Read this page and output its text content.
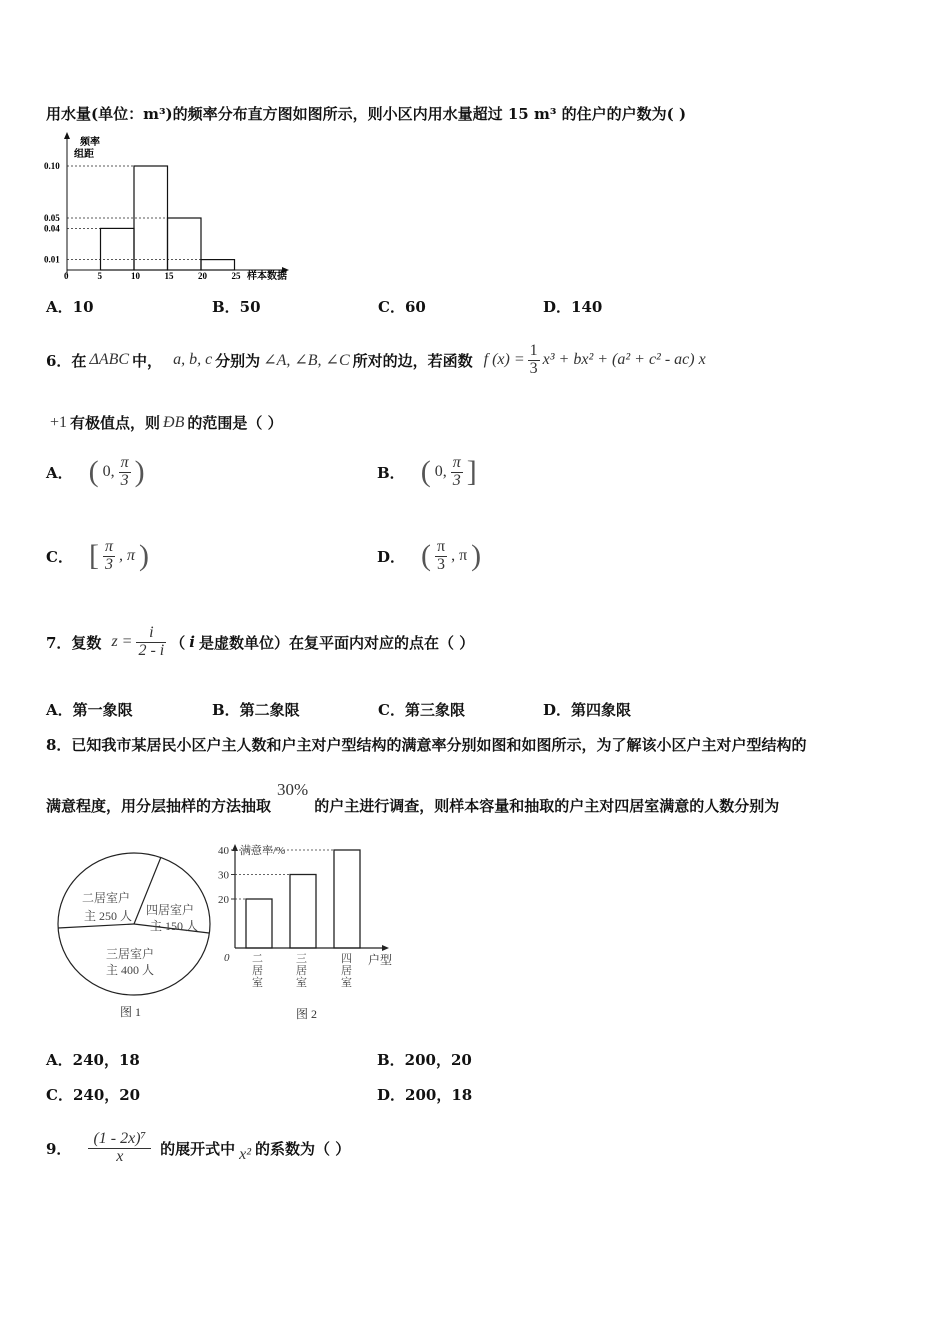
用水量(单位：m³)的频率分布直方图如图所示，则小区内用水量超过 15 m³ 的住户的户数为( )
频率
组距
样本数据
0.10
0.05
0.04
0.01
0	5	10	15	20	25
A．10	B．50	C．60	D．140
6．在 ΔABC 中， a, b, c 分别为 ∠A, ∠B, ∠C 所对的边，若函数 f $(x) = \frac{1}{3} x^3 + bx^2 + (a^2 + c^2 - ac)$ x
+1 有极值点，则 ÐB 的范围是（ ）
A． ( 0, $\frac{\pi}{3}$ )	B． ( 0, $\frac{\pi}{3}$ ]
C． [ $\frac{\pi}{3}$ , π )	D． ( $\frac{\pi}{3}$ , π )
7．复数 $z = \frac{i}{2 - i}$ （ i 是虚数单位）在复平面内对应的点在（ ）
A．第一象限	B．第二象限	C．第三象限	D．第四象限
8．已知我市某居民小区户主人数和户主对户型结构的满意率分别如图和如图所示，为了解该小区户主对户型结构的
满意程度，用分层抽样的方法抽取
30%
的户主进行调查，则样本容量和抽取的户主对四居室满意的人数分别为
二居室户
主 250 人 四居室户
主 150 人
三居室户
主 400 人
图 1
满意率/%
0	户型
40
30
20
二
居
室
三
居
室
四
居
室
图 2
A．240，18	B．200，20
C．240，20	D．200，18
9． $\frac{\text{(1 - 2x)⁷}}{x}$ 的展开式中 x² 的系数为（ ）
